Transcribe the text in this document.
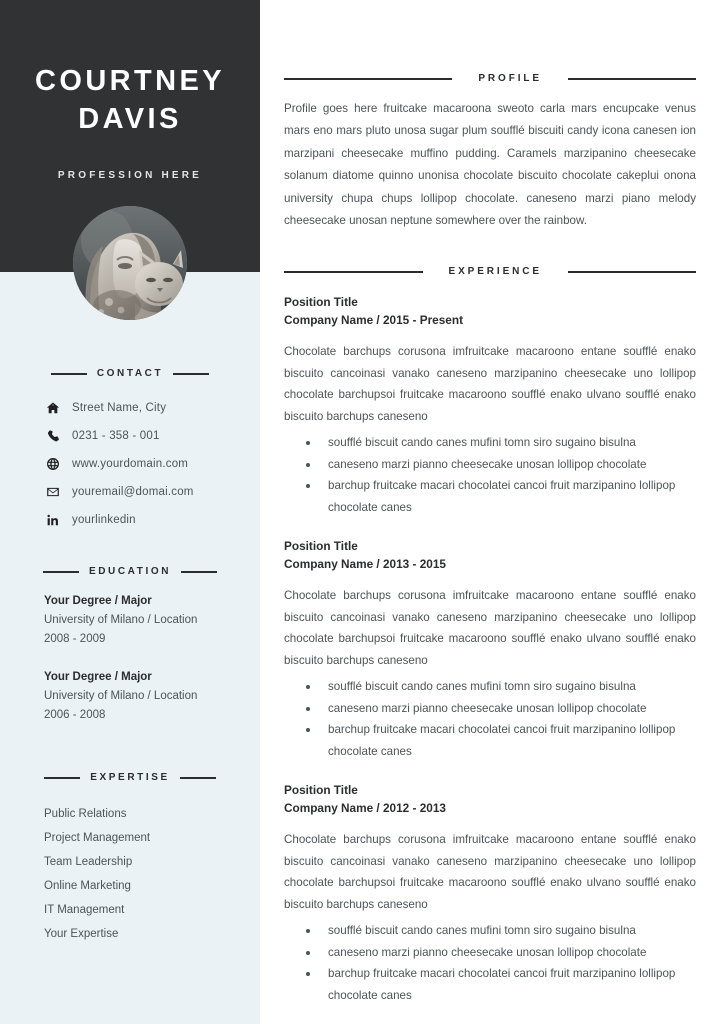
COURTNEY
DAVIS
PROFESSION HERE
CONTACT
Street Name, City
0231 - 358 - 001
www.yourdomain.com
youremail@domai.com
yourlinkedin
EDUCATION
Your Degree / Major
University of Milano / Location
2008 - 2009
Your Degree / Major
University of Milano / Location
2006 - 2008
EXPERTISE
Public Relations
Project Management
Team Leadership
Online Marketing
IT Management
Your Expertise
PROFILE
Profile goes here fruitcake macaroona sweoto carla mars encupcake venus mars eno mars pluto unosa sugar plum soufflé biscuiti candy icona canesen ion marzipani cheesecake muffino pudding. Caramels marzipanino cheesecake solanum diatome quinno unonisa chocolate biscuito chocolate cakeplui onona university chupa chups lollipop chocolate. caneseno marzi piano melody cheesecake unosan neptune somewhere over the rainbow.
EXPERIENCE
Position Title
Company Name / 2015 - Present
Chocolate barchups corusona imfruitcake macaroono entane soufflé enako biscuito cancoinasi vanako caneseno marzipanino cheesecake uno lollipop chocolate barchupsoi fruitcake macaroono soufflé enako ulvano soufflé enako biscuito barchups caneseno
soufflé biscuit cando canes mufini tomn siro sugaino bisulna
caneseno marzi pianno cheesecake unosan lollipop chocolate
barchup fruitcake macari chocolatei cancoi fruit marzipanino lollipop chocolate canes
Position Title
Company Name / 2013 - 2015
Chocolate barchups corusona imfruitcake macaroono entane soufflé enako biscuito cancoinasi vanako caneseno marzipanino cheesecake uno lollipop chocolate barchupsoi fruitcake macaroono soufflé enako ulvano soufflé enako biscuito barchups caneseno
soufflé biscuit cando canes mufini tomn siro sugaino bisulna
caneseno marzi pianno cheesecake unosan lollipop chocolate
barchup fruitcake macari chocolatei cancoi fruit marzipanino lollipop chocolate canes
Position Title
Company Name / 2012 - 2013
Chocolate barchups corusona imfruitcake macaroono entane soufflé enako biscuito cancoinasi vanako caneseno marzipanino cheesecake uno lollipop chocolate barchupsoi fruitcake macaroono soufflé enako ulvano soufflé enako biscuito barchups caneseno
soufflé biscuit cando canes mufini tomn siro sugaino bisulna
caneseno marzi pianno cheesecake unosan lollipop chocolate
barchup fruitcake macari chocolatei cancoi fruit marzipanino lollipop chocolate canes
